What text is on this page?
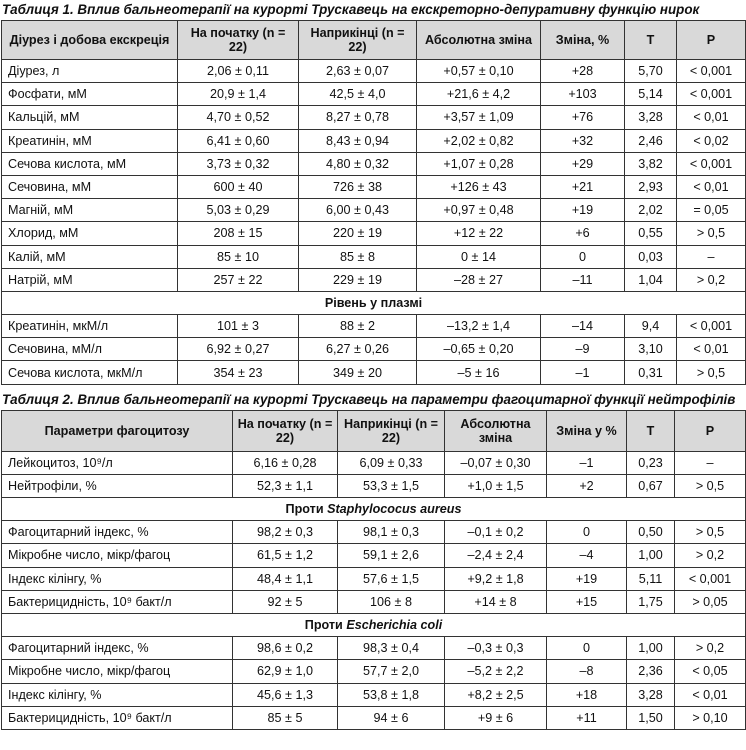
Таблиця 1. Вплив бальнеотерапії на курорті Трускавець на екскреторно-депуративну функцію нирок
Діурез і добова екскреція	На початку (n = 22)	Наприкінці (n = 22)	Абсолютна зміна	Зміна, %	T	P
Діурез, л	2,06 ± 0,11	2,63 ± 0,07	+0,57 ± 0,10	+28	5,70	< 0,001
Фосфати, мМ	20,9 ± 1,4	42,5 ± 4,0	+21,6 ± 4,2	+103	5,14	< 0,001
Кальцій, мМ	4,70 ± 0,52	8,27 ± 0,78	+3,57 ± 1,09	+76	3,28	< 0,01
Креатинін, мМ	6,41 ± 0,60	8,43 ± 0,94	+2,02 ± 0,82	+32	2,46	< 0,02
Сечова кислота, мМ	3,73 ± 0,32	4,80 ± 0,32	+1,07 ± 0,28	+29	3,82	< 0,001
Сечовина, мМ	600 ± 40	726 ± 38	+126 ± 43	+21	2,93	< 0,01
Магній, мМ	5,03 ± 0,29	6,00 ± 0,43	+0,97 ± 0,48	+19	2,02	= 0,05
Хлорид, мМ	208 ± 15	220 ± 19	+12 ± 22	+6	0,55	> 0,5
Калій, мМ	85 ± 10	85 ± 8	0 ± 14	0	0,03	–
Натрій, мМ	257 ± 22	229 ± 19	–28 ± 27	–11	1,04	> 0,2
Рівень у плазмі						
Креатинін, мкМ/л	101 ± 3	88 ± 2	–13,2 ± 1,4	–14	9,4	< 0,001
Сечовина, мМ/л	6,92 ± 0,27	6,27 ± 0,26	–0,65 ± 0,20	–9	3,10	< 0,01
Сечова кислота, мкМ/л	354 ± 23	349 ± 20	–5 ± 16	–1	0,31	> 0,5
Таблиця 2. Вплив бальнеотерапії на курорті Трускавець на параметри фагоцитарної функції нейтрофілів
Параметри фагоцитозу	На початку (n = 22)	Наприкінці (n = 22)	Абсолютна зміна	Зміна у %	T	P
Лейкоцитоз, 10⁹/л	6,16 ± 0,28	6,09 ± 0,33	–0,07 ± 0,30	–1	0,23	–
Нейтрофіли, %	52,3 ± 1,1	53,3 ± 1,5	+1,0 ± 1,5	+2	0,67	> 0,5
Проти Staphylococus aureus						
Фагоцитарний індекс, %	98,2 ± 0,3	98,1 ± 0,3	–0,1 ± 0,2	0	0,50	> 0,5
Мікробне число, мікр/фагоц	61,5 ± 1,2	59,1 ± 2,6	–2,4 ± 2,4	–4	1,00	> 0,2
Індекс кілінгу, %	48,4 ± 1,1	57,6 ± 1,5	+9,2 ± 1,8	+19	5,11	< 0,001
Бактерицидність, 10⁹ бакт/л	92 ± 5	106 ± 8	+14 ± 8	+15	1,75	> 0,05
Проти Escherichia coli						
Фагоцитарний індекс, %	98,6 ± 0,2	98,3 ± 0,4	–0,3 ± 0,3	0	1,00	> 0,2
Мікробне число, мікр/фагоц	62,9 ± 1,0	57,7 ± 2,0	–5,2 ± 2,2	–8	2,36	< 0,05
Індекс кілінгу, %	45,6 ± 1,3	53,8 ± 1,8	+8,2 ± 2,5	+18	3,28	< 0,01
Бактерицидність, 10⁹ бакт/л	85 ± 5	94 ± 6	+9 ± 6	+11	1,50	> 0,10
